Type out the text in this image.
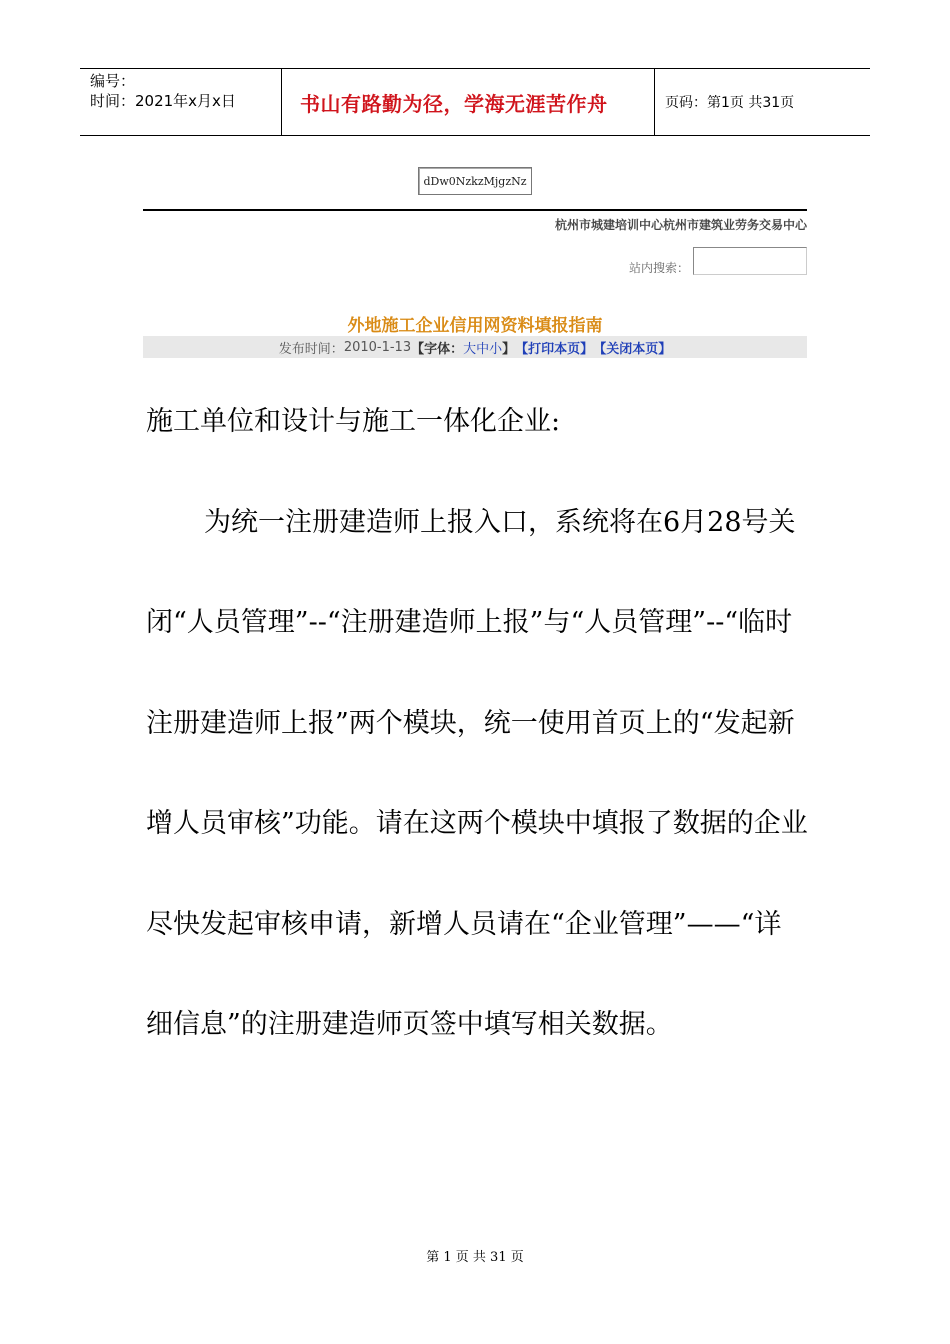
编号：
时间：2021年x月x日	书山有路勤为径，学海无涯苦作舟	页码：第1页 共31页
dDw0NzkzMjgzNz
杭州市城建培训中心杭州市建筑业劳务交易中心
站内搜索：
外地施工企业信用网资料填报指南
发布时间： 2010-1-13 【字体： 大 中 小 】 【打印本页】 【关闭本页】

施工单位和设计与施工一体化企业:

为统一注册建造师上报入口，系统将在6月28号关闭“人员管理”--“注册建造师上报”与“人员管理”--“临时注册建造师上报”两个模块，统一使用首页上的“发起新增人员审核”功能。请在这两个模块中填报了数据的企业尽快发起审核申请，新增人员请在“企业管理”——“详细信息”的注册建造师页签中填写相关数据。

第 1 页 共 31 页
